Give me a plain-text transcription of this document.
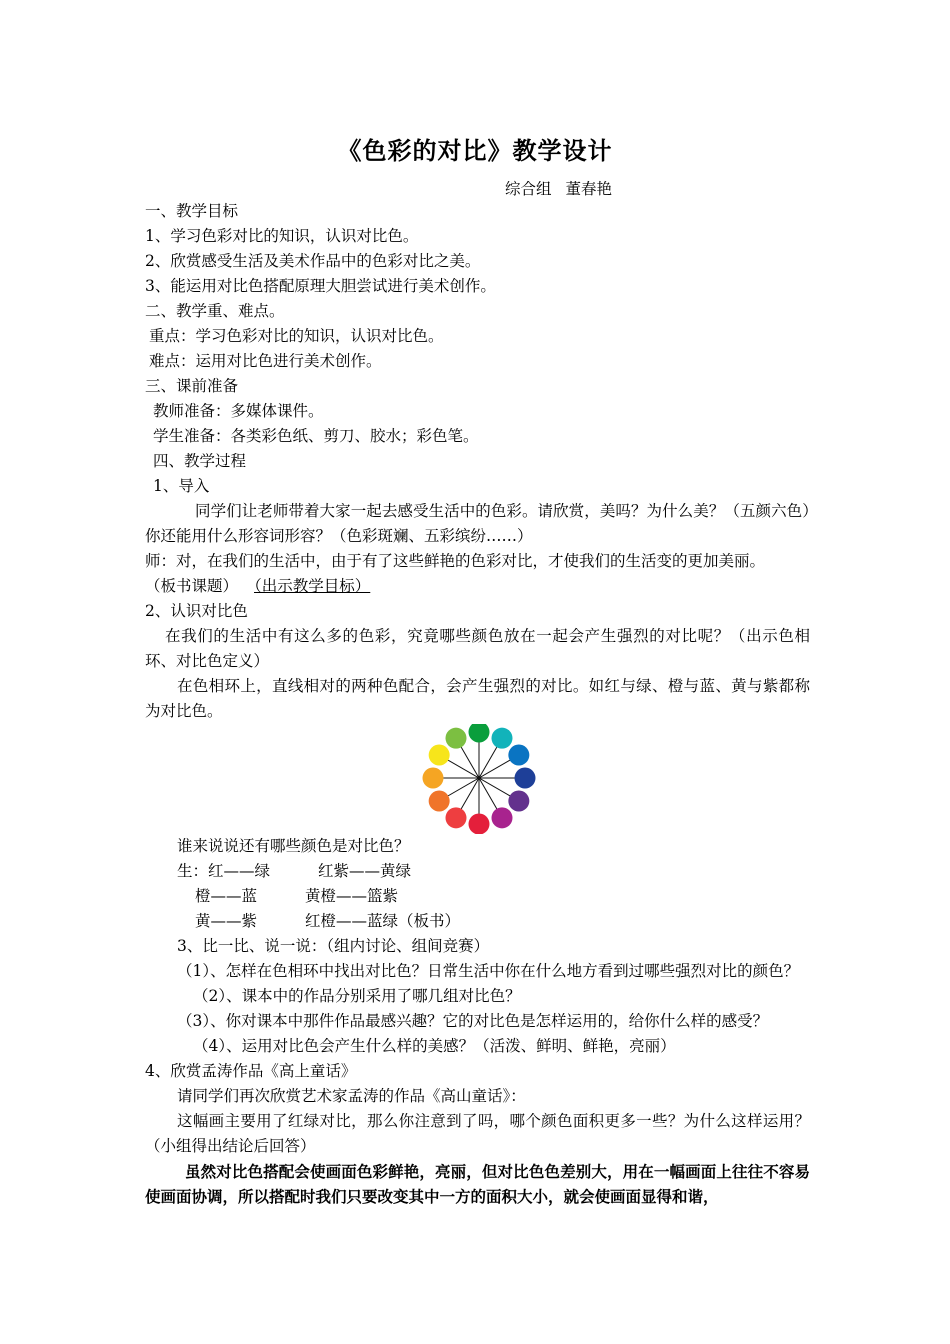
《色彩的对比》教学设计
综合组 董春艳
一、教学目标
1、学习色彩对比的知识，认识对比色。
2、欣赏感受生活及美术作品中的色彩对比之美。
3、能运用对比色搭配原理大胆尝试进行美术创作。
二、教学重、难点。
重点：学习色彩对比的知识，认识对比色。
难点：运用对比色进行美术创作。
三、课前准备
教师准备：多媒体课件。
学生准备：各类彩色纸、剪刀、胶水；彩色笔。
四、教学过程
1、导入
同学们让老师带着大家一起去感受生活中的色彩。请欣赏，美吗？为什么美？（五颜六色）你还能用什么形容词形容？（色彩斑斓、五彩缤纷……）
师：对，在我们的生活中，由于有了这些鲜艳的色彩对比，才使我们的生活变的更加美丽。
（板书课题） （出示教学目标）
2、认识对比色
在我们的生活中有这么多的色彩，究竟哪些颜色放在一起会产生强烈的对比呢？（出示色相环、对比色定义）
在色相环上，直线相对的两种色配合，会产生强烈的对比。如红与绿、橙与蓝、黄与紫都称为对比色。
谁来说说还有哪些颜色是对比色？
生：红——绿	红紫——黄绿
橙——蓝	黄橙——篮紫
黄——紫	红橙——蓝绿（板书）
3、比一比、说一说：（组内讨论、组间竞赛）
（1）、怎样在色相环中找出对比色？日常生活中你在什么地方看到过哪些强烈对比的颜色？
（2）、课本中的作品分别采用了哪几组对比色？
（3）、你对课本中那件作品最感兴趣？它的对比色是怎样运用的，给你什么样的感受？
（4）、运用对比色会产生什么样的美感？（活泼、鲜明、鲜艳，亮丽）
4、欣赏孟涛作品《高上童话》
请同学们再次欣赏艺术家孟涛的作品《高山童话》：
这幅画主要用了红绿对比，那么你注意到了吗，哪个颜色面积更多一些？为什么这样运用？（小组得出结论后回答）
虽然对比色搭配会使画面色彩鲜艳，亮丽，但对比色色差别大，用在一幅画面上往往不容易使画面协调，所以搭配时我们只要改变其中一方的面积大小，就会使画面显得和谐，
